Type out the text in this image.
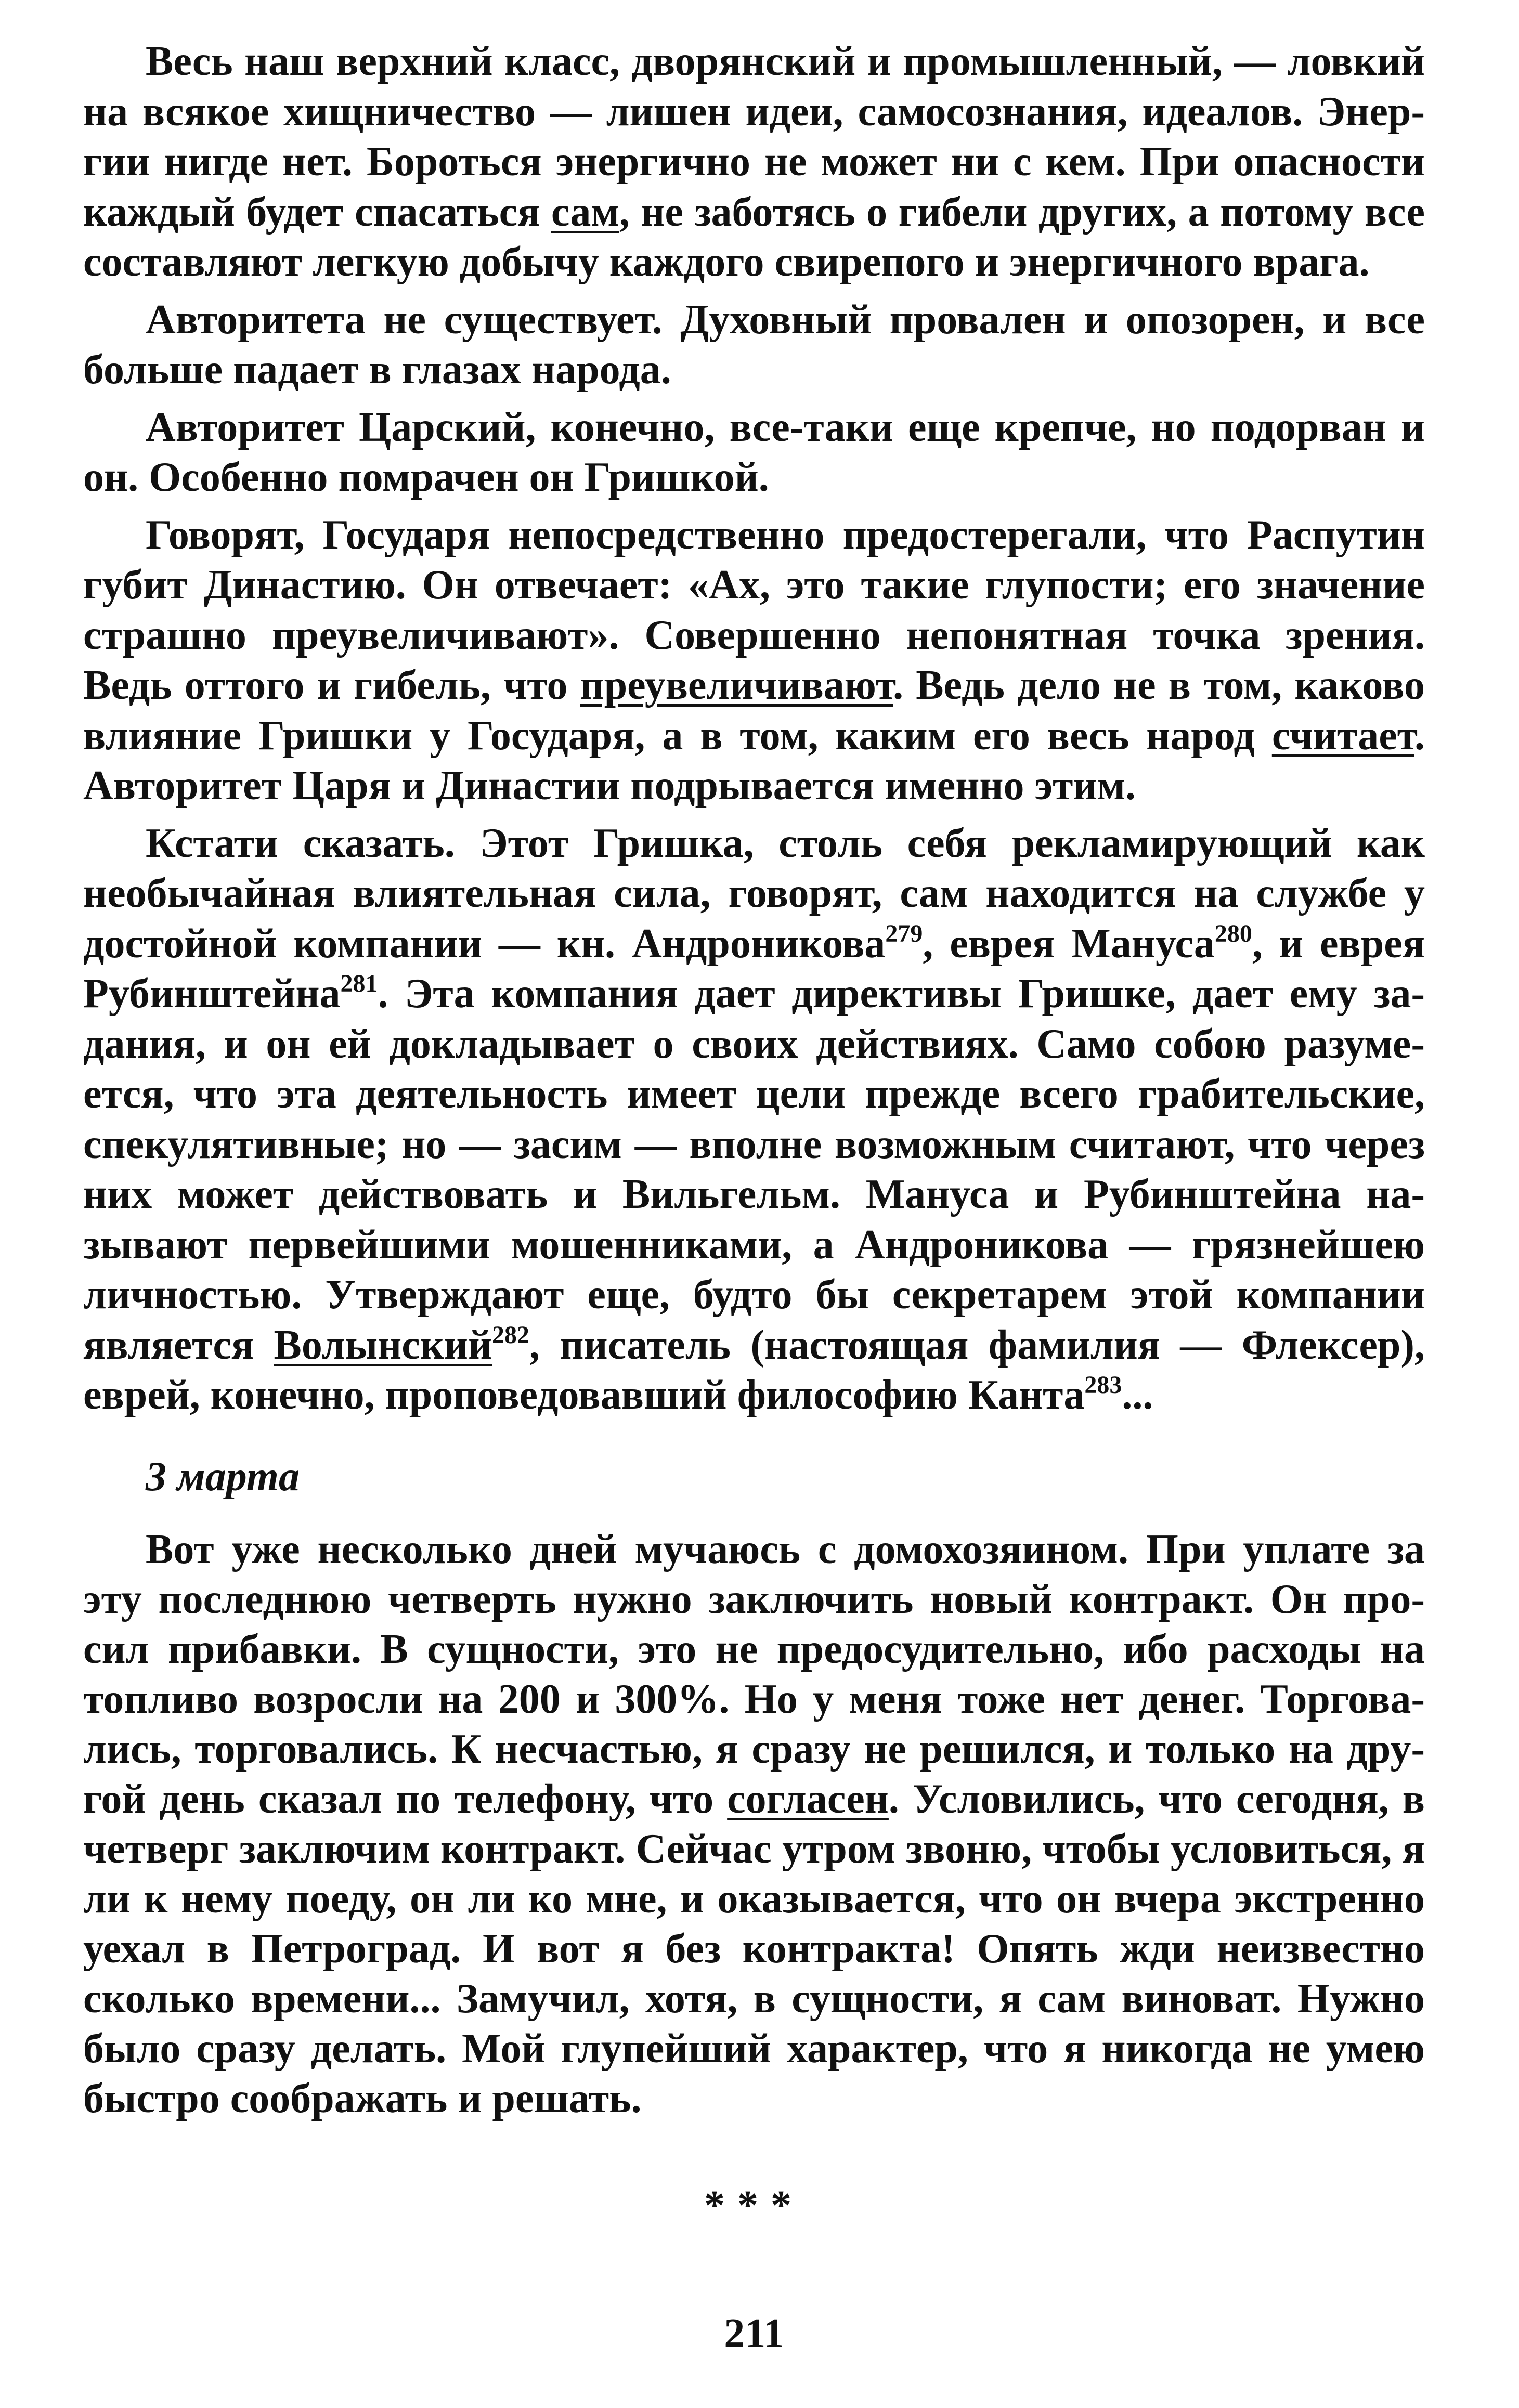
Весь наш верхний класс, дворянский и промышленный, — ловкий на всякое хищничество — лишен идеи, самосознания, идеалов. Энергии нигде нет. Бороться энергично не может ни с кем. При опасности каждый будет спасаться сам, не заботясь о гибели других, а потому все составляют легкую добычу каждого свирепого и энергичного врага.

Авторитета не существует. Духовный провален и опозорен, и все больше падает в глазах народа.

Авторитет Царский, конечно, все-таки еще крепче, но подорван и он. Особенно помрачен он Гришкой.

Говорят, Государя непосредственно предостерегали, что Распутин губит Династию. Он отвечает: «Ах, это такие глупости; его значение страшно преувеличивают». Совершенно непонятная точка зрения. Ведь оттого и гибель, что преувеличивают. Ведь дело не в том, каково влияние Гришки у Государя, а в том, каким его весь народ считает. Авторитет Царя и Династии подрывается именно этим.

Кстати сказать. Этот Гришка, столь себя рекламирующий как необычайная влиятельная сила, говорят, сам находится на службе у достойной компании — кн. Андроникова$^{279}$, еврея Мануса$^{280}$, и еврея Рубинштейна$^{281}$. Эта компания дает директивы Гришке, дает ему задания, и он ей докладывает о своих действиях. Само собою разумеется, что эта деятельность имеет цели прежде всего грабительские, спекулятивные; но — засим — вполне возможным считают, что через них может действовать и Вильгельм. Мануса и Рубинштейна называют первейшими мошенниками, а Андроникова — грязнейшею личностью. Утверждают еще, будто бы секретарем этой компании является Волынский$^{282}$, писатель (настоящая фамилия — Флексер), еврей, конечно, проповедовавший философию Канта$^{283}$...

3 марта

Вот уже несколько дней мучаюсь с домохозяином. При уплате за эту последнюю четверть нужно заключить новый контракт. Он просил прибавки. В сущности, это не предосудительно, ибо расходы на топливо возросли на 200 и 300%. Но у меня тоже нет денег. Торговались, торговались. К несчастью, я сразу не решился, и только на другой день сказал по телефону, что согласен. Условились, что сегодня, в четверг заключим контракт. Сейчас утром звоню, чтобы условиться, я ли к нему поеду, он ли ко мне, и оказывается, что он вчера экстренно уехал в Петроград. И вот я без контракта! Опять жди неизвестно сколько времени... Замучил, хотя, в сущности, я сам виноват. Нужно было сразу делать. Мой глупейший характер, что я никогда не умею быстро соображать и решать.

***
211
